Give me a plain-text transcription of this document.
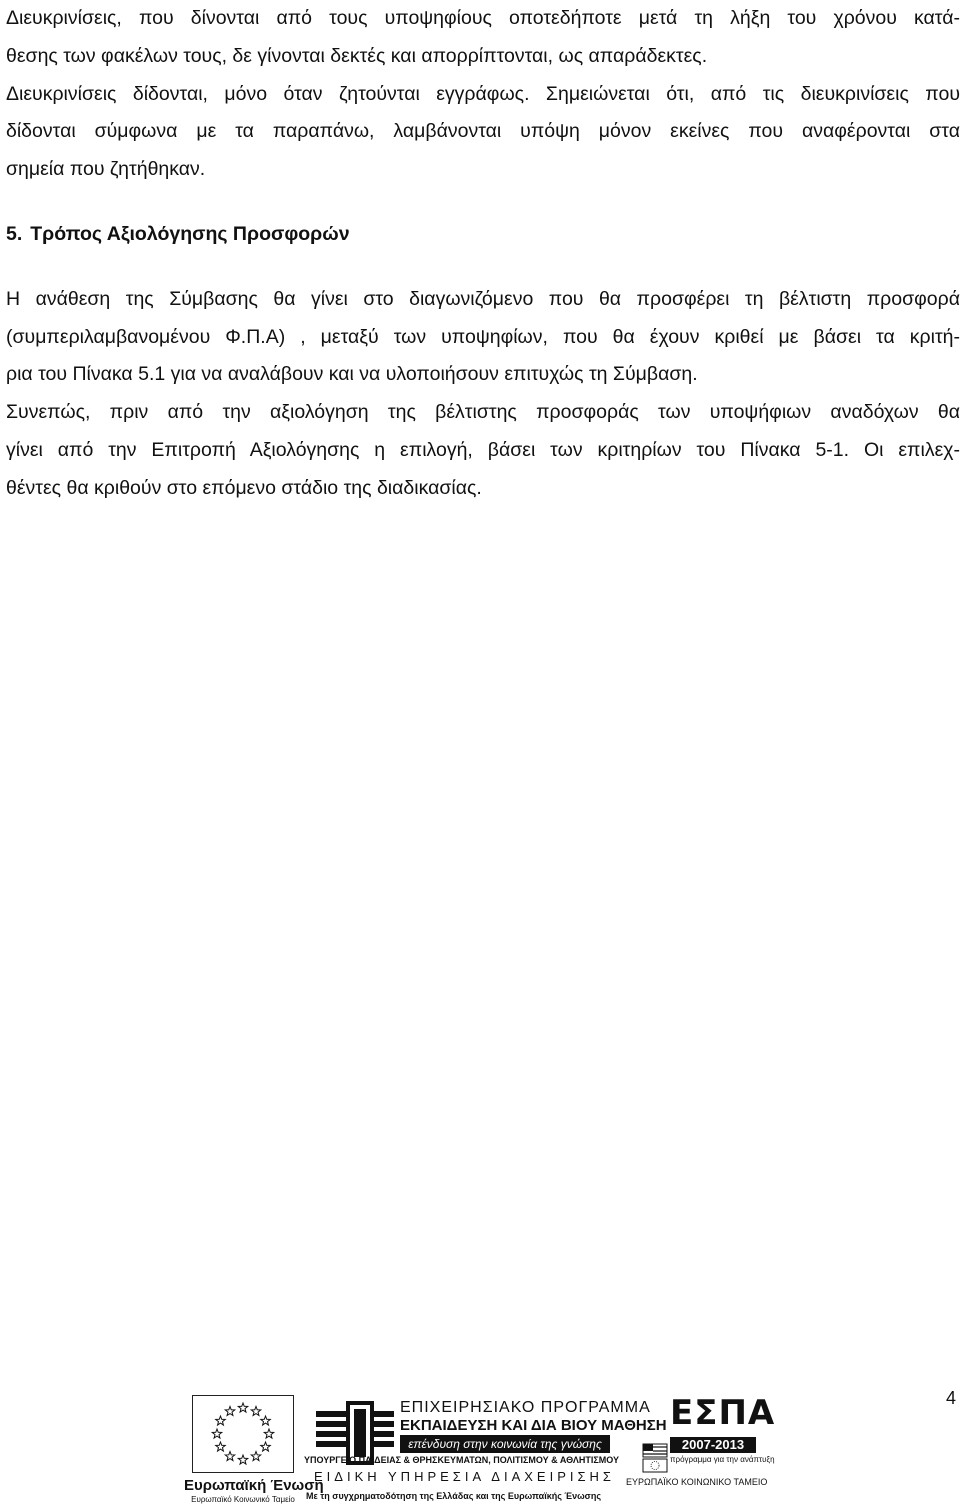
Διευκρινίσεις, που δίνονται από τους υποψηφίους οποτεδήποτε μετά τη λήξη του χρόνου κατά-
θεσης των φακέλων τους, δε γίνονται δεκτές και απορρίπτονται, ως απαράδεκτες.
Διευκρινίσεις δίδονται, μόνο όταν ζητούνται εγγράφως. Σημειώνεται ότι, από τις διευκρινίσεις που
δίδονται σύμφωνα με τα παραπάνω, λαμβάνονται υπόψη μόνον εκείνες που αναφέρονται στα
σημεία που ζητήθηκαν.
5. Τρόπος Αξιολόγησης Προσφορών
Η ανάθεση της Σύμβασης θα γίνει στο διαγωνιζόμενο που θα προσφέρει τη βέλτιστη προσφορά
(συμπεριλαμβανομένου Φ.Π.Α) , μεταξύ των υποψηφίων, που θα έχουν κριθεί με βάσει τα κριτή-
ρια του Πίνακα 5.1 για να αναλάβουν και να υλοποιήσουν επιτυχώς τη Σύμβαση.
Συνεπώς, πριν από την αξιολόγηση της βέλτιστης προσφοράς των υποψήφιων αναδόχων θα
γίνει από την Επιτροπή Αξιολόγησης η επιλογή, βάσει των κριτηρίων του Πίνακα 5-1. Οι επιλεχ-
θέντες θα κριθούν στο επόμενο στάδιο της διαδικασίας.
4
Ευρωπαϊκή Ένωση
Ευρωπαϊκό Κοινωνικό Ταμείο
ΕΠΙΧΕΙΡΗΣΙΑΚΟ ΠΡΟΓΡΑΜΜΑ
ΕΚΠΑΙΔΕΥΣΗ ΚΑΙ ΔΙΑ ΒΙΟΥ ΜΑΘΗΣΗ
επένδυση στην κοινωνία της γνώσης
ΥΠΟΥΡΓΕΙΟ ΠΑΙΔΕΙΑΣ & ΘΡΗΣΚΕΥΜΑΤΩΝ, ΠΟΛΙΤΙΣΜΟΥ & ΑΘΛΗΤΙΣΜΟΥ
ΕΙΔΙΚΗ ΥΠΗΡΕΣΙΑ ΔΙΑΧΕΙΡΙΣΗΣ
Με τη συγχρηματοδότηση της Ελλάδας και της Ευρωπαϊκής Ένωσης
ΕΣΠΑ
2007-2013
πρόγραμμα για την ανάπτυξη
ΕΥΡΩΠΑΪΚΟ ΚΟΙΝΩΝΙΚΟ ΤΑΜΕΙΟ
